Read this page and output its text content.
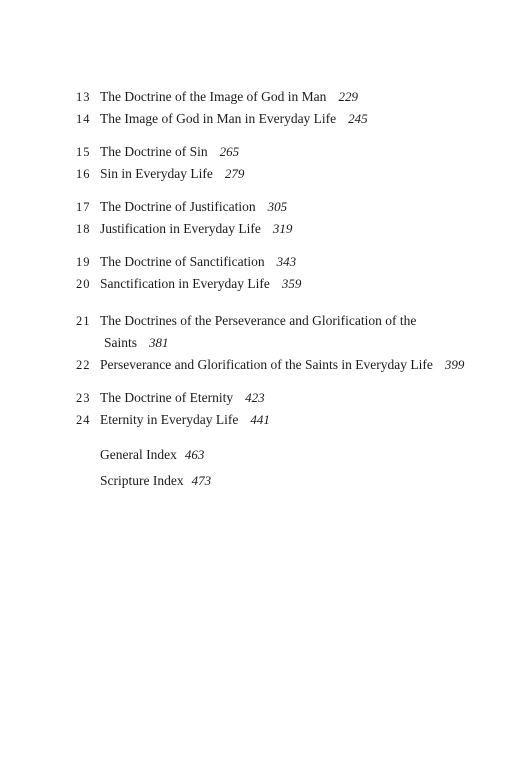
13 The Doctrine of the Image of God in Man 229
14 The Image of God in Man in Everyday Life 245
15 The Doctrine of Sin 265
16 Sin in Everyday Life 279
17 The Doctrine of Justification 305
18 Justification in Everyday Life 319
19 The Doctrine of Sanctification 343
20 Sanctification in Everyday Life 359
21 The Doctrines of the Perseverance and Glorification of the
Saints 381
22 Perseverance and Glorification of the Saints in Everyday Life 399
23 The Doctrine of Eternity 423
24 Eternity in Everyday Life 441
General Index 463
Scripture Index 473
